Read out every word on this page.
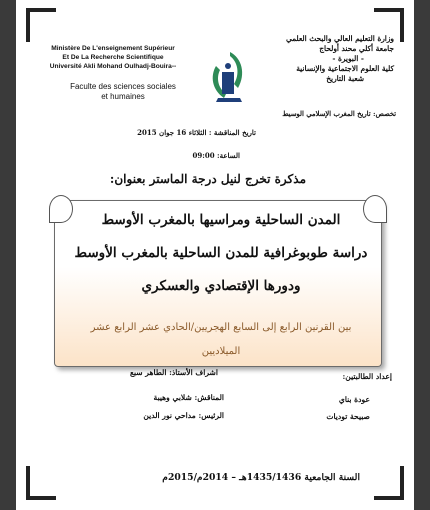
Ministère De L'enseignement Supérieur
Et De La Recherche Scientifique
Université Akli Mohand Oulhadj-Bouira--
Faculte des sciences sociales
et humaines
وزارة التعليم العالي والبحث العلمي
جامعة أكلي محند أولحاج
- البويرة -
كلية العلوم الاجتماعية والإنسانية
شعبة التاريخ
تخصص: تاريخ المغرب الإسلامي الوسيط
تاريخ المناقشة : الثلاثاء 16 جوان 2015
الساعة: 09:00
مذكرة تخرج لنيل درجة الماستر بعنوان:
المدن الساحلية ومراسيها بالمغرب الأوسط
دراسة طوبوغرافية للمدن الساحلية بالمغرب الأوسط
ودورها الإقتصادي والعسكري
بين القرنين الرابع إلى السابع الهجريين/الحادي عشر الرابع عشر
الميلاديين
إعداد الطالبتين:
اشراف الأستاذ: الطاهر سبع
عودة بناي
المناقش: شلابي وهيبة
صبيحة توديات
الرئيس: مداحي نور الدين
السنة الجامعية 1435/1436هـ – 2014م/2015م
